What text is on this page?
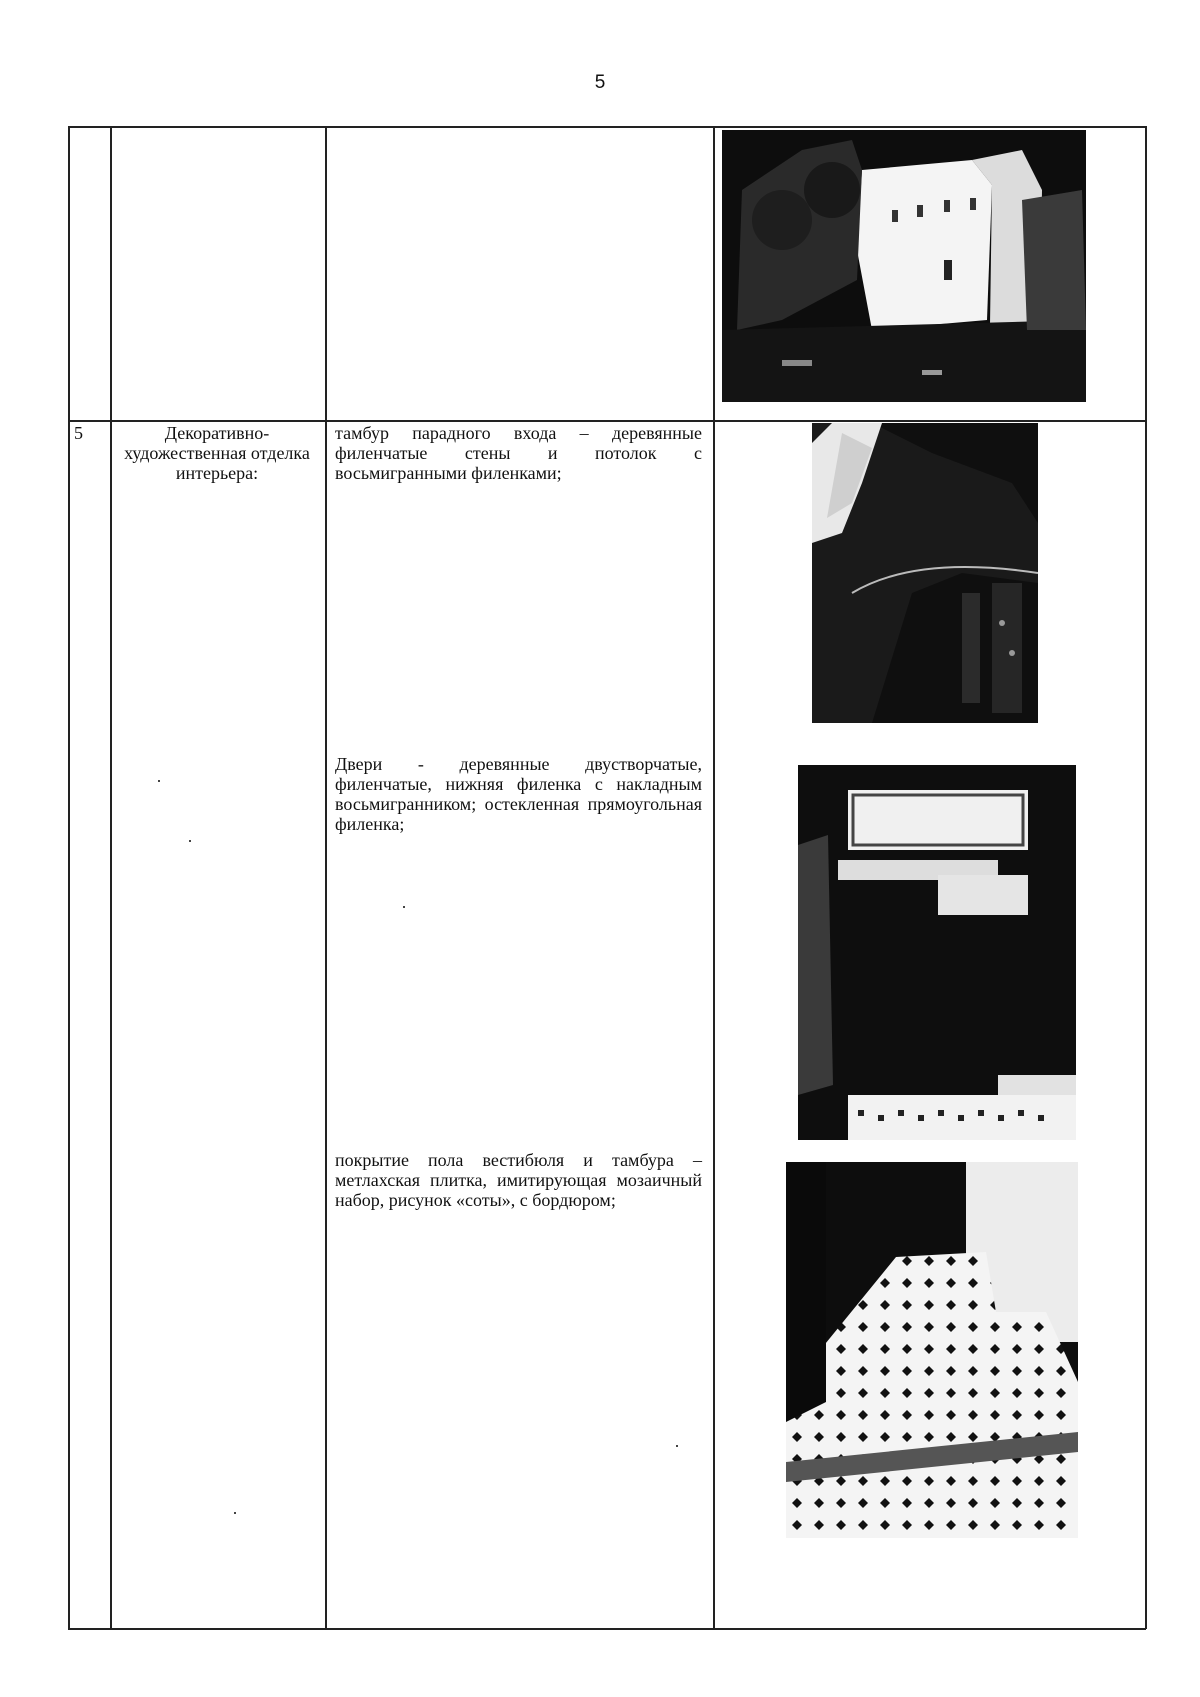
5
5	Декоративно-художественная отделка интерьера:
тамбур парадного входа – деревянные филенчатые стены и потолок с восьмигранными филенками;
Двери - деревянные двустворчатые, филенчатые, нижняя филенка с накладным восьмигранником; остекленная прямоугольная филенка;
покрытие пола вестибюля и тамбура – метлахская плитка, имитирующая мозаичный набор, рисунок «соты», с бордюром;
